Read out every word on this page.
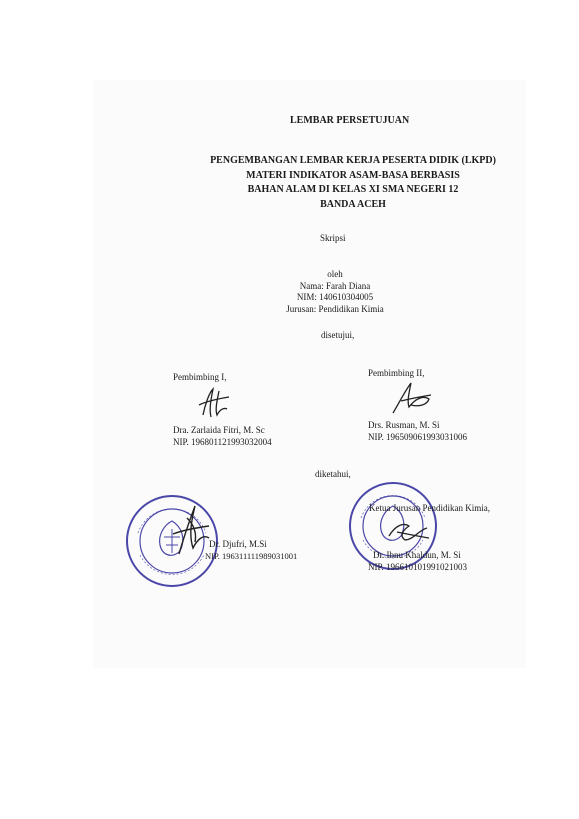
LEMBAR PERSETUJUAN
PENGEMBANGAN LEMBAR KERJA PESERTA DIDIK (LKPD)
MATERI INDIKATOR ASAM-BASA BERBASIS
BAHAN ALAM DI KELAS XI SMA NEGERI 12
BANDA ACEH
Skripsi
oleh
Nama: Farah Diana
NIM: 140610304005
Jurusan: Pendidikan Kimia
disetujui,
Pembimbing I,
Dra. Zarlaida Fitri, M. Sc
NIP. 196801121993032004
Pembimbing II,
Drs. Rusman, M. Si
NIP. 196509061993031006
diketahui,
Dr. Djufri, M.Si
NIP. 196311111989031001
Ketua Jurusan Pendidikan Kimia,
Dr. Ibnu Khaldun, M. Si
NIP. 196610101991021003
